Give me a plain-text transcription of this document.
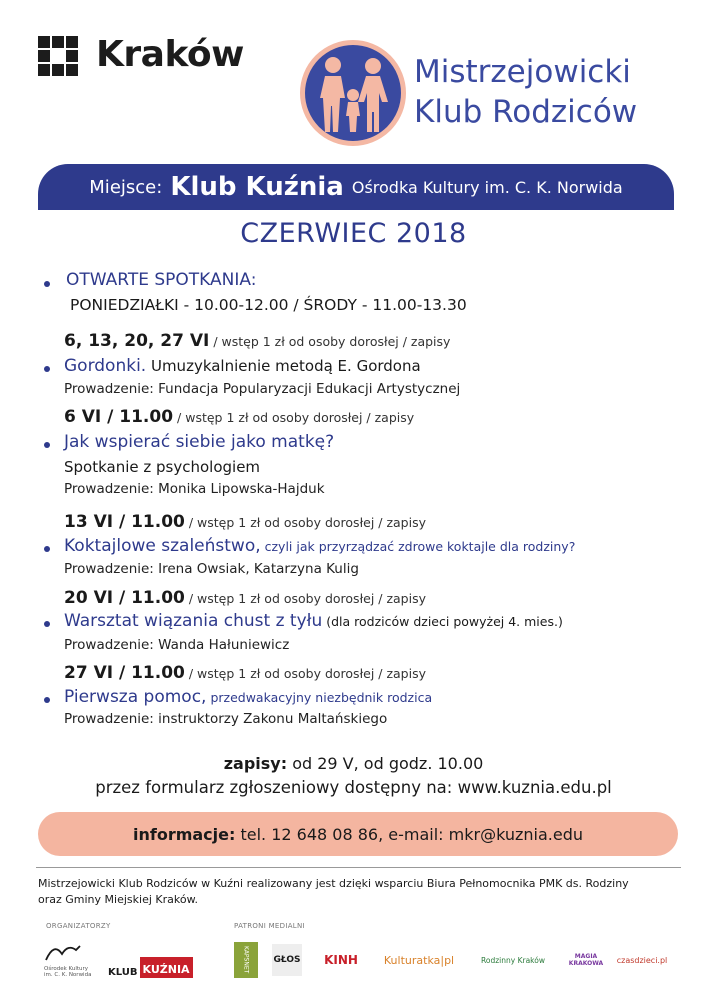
Kraków	Mistrzejowicki
Klub Rodziców
Miejsce: Klub Kuźnia Ośrodka Kultury im. C. K. Norwida
CZERWIEC 2018
OTWARTE SPOTKANIA:
PONIEDZIAŁKI - 10.00-12.00 / ŚRODY - 11.00-13.30
6, 13, 20, 27 VI / wstęp 1 zł od osoby dorosłej / zapisy
Gordonki. Umuzykalnienie metodą E. Gordona
Prowadzenie: Fundacja Popularyzacji Edukacji Artystycznej
6 VI / 11.00 / wstęp 1 zł od osoby dorosłej / zapisy
Jak wspierać siebie jako matkę?
Spotkanie z psychologiem
Prowadzenie: Monika Lipowska-Hajduk
13 VI / 11.00 / wstęp 1 zł od osoby dorosłej / zapisy
Koktajlowe szaleństwo, czyli jak przyrządzać zdrowe koktajle dla rodziny?
Prowadzenie: Irena Owsiak, Katarzyna Kulig
20 VI / 11.00 / wstęp 1 zł od osoby dorosłej / zapisy
Warsztat wiązania chust z tyłu (dla rodziców dzieci powyżej 4. mies.)
Prowadzenie: Wanda Hałuniewicz
27 VI / 11.00 / wstęp 1 zł od osoby dorosłej / zapisy
Pierwsza pomoc, przedwakacyjny niezbędnik rodzica
Prowadzenie: instruktorzy Zakonu Maltańskiego
zapisy: od 29 V, od godz. 10.00
przez formularz zgłoszeniowy dostępny na: www.kuznia.edu.pl
informacje: tel. 12 648 08 86, e-mail: mkr@kuznia.edu
Mistrzejowicki Klub Rodziców w Kuźni realizowany jest dzięki wsparciu Biura Pełnomocnika PMK ds. Rodziny
oraz Gminy Miejskiej Kraków.
ORGANIZATORZY	PATRONI MEDIALNI
Ośrodek Kultury
im. C. K. Norwida	KLUB KUŹNIA	KAPSNET	GŁOS	KINH	Kulturatka|pl	Rodzinny Kraków	MAGIA KRAKOWA	czasdzieci.pl
